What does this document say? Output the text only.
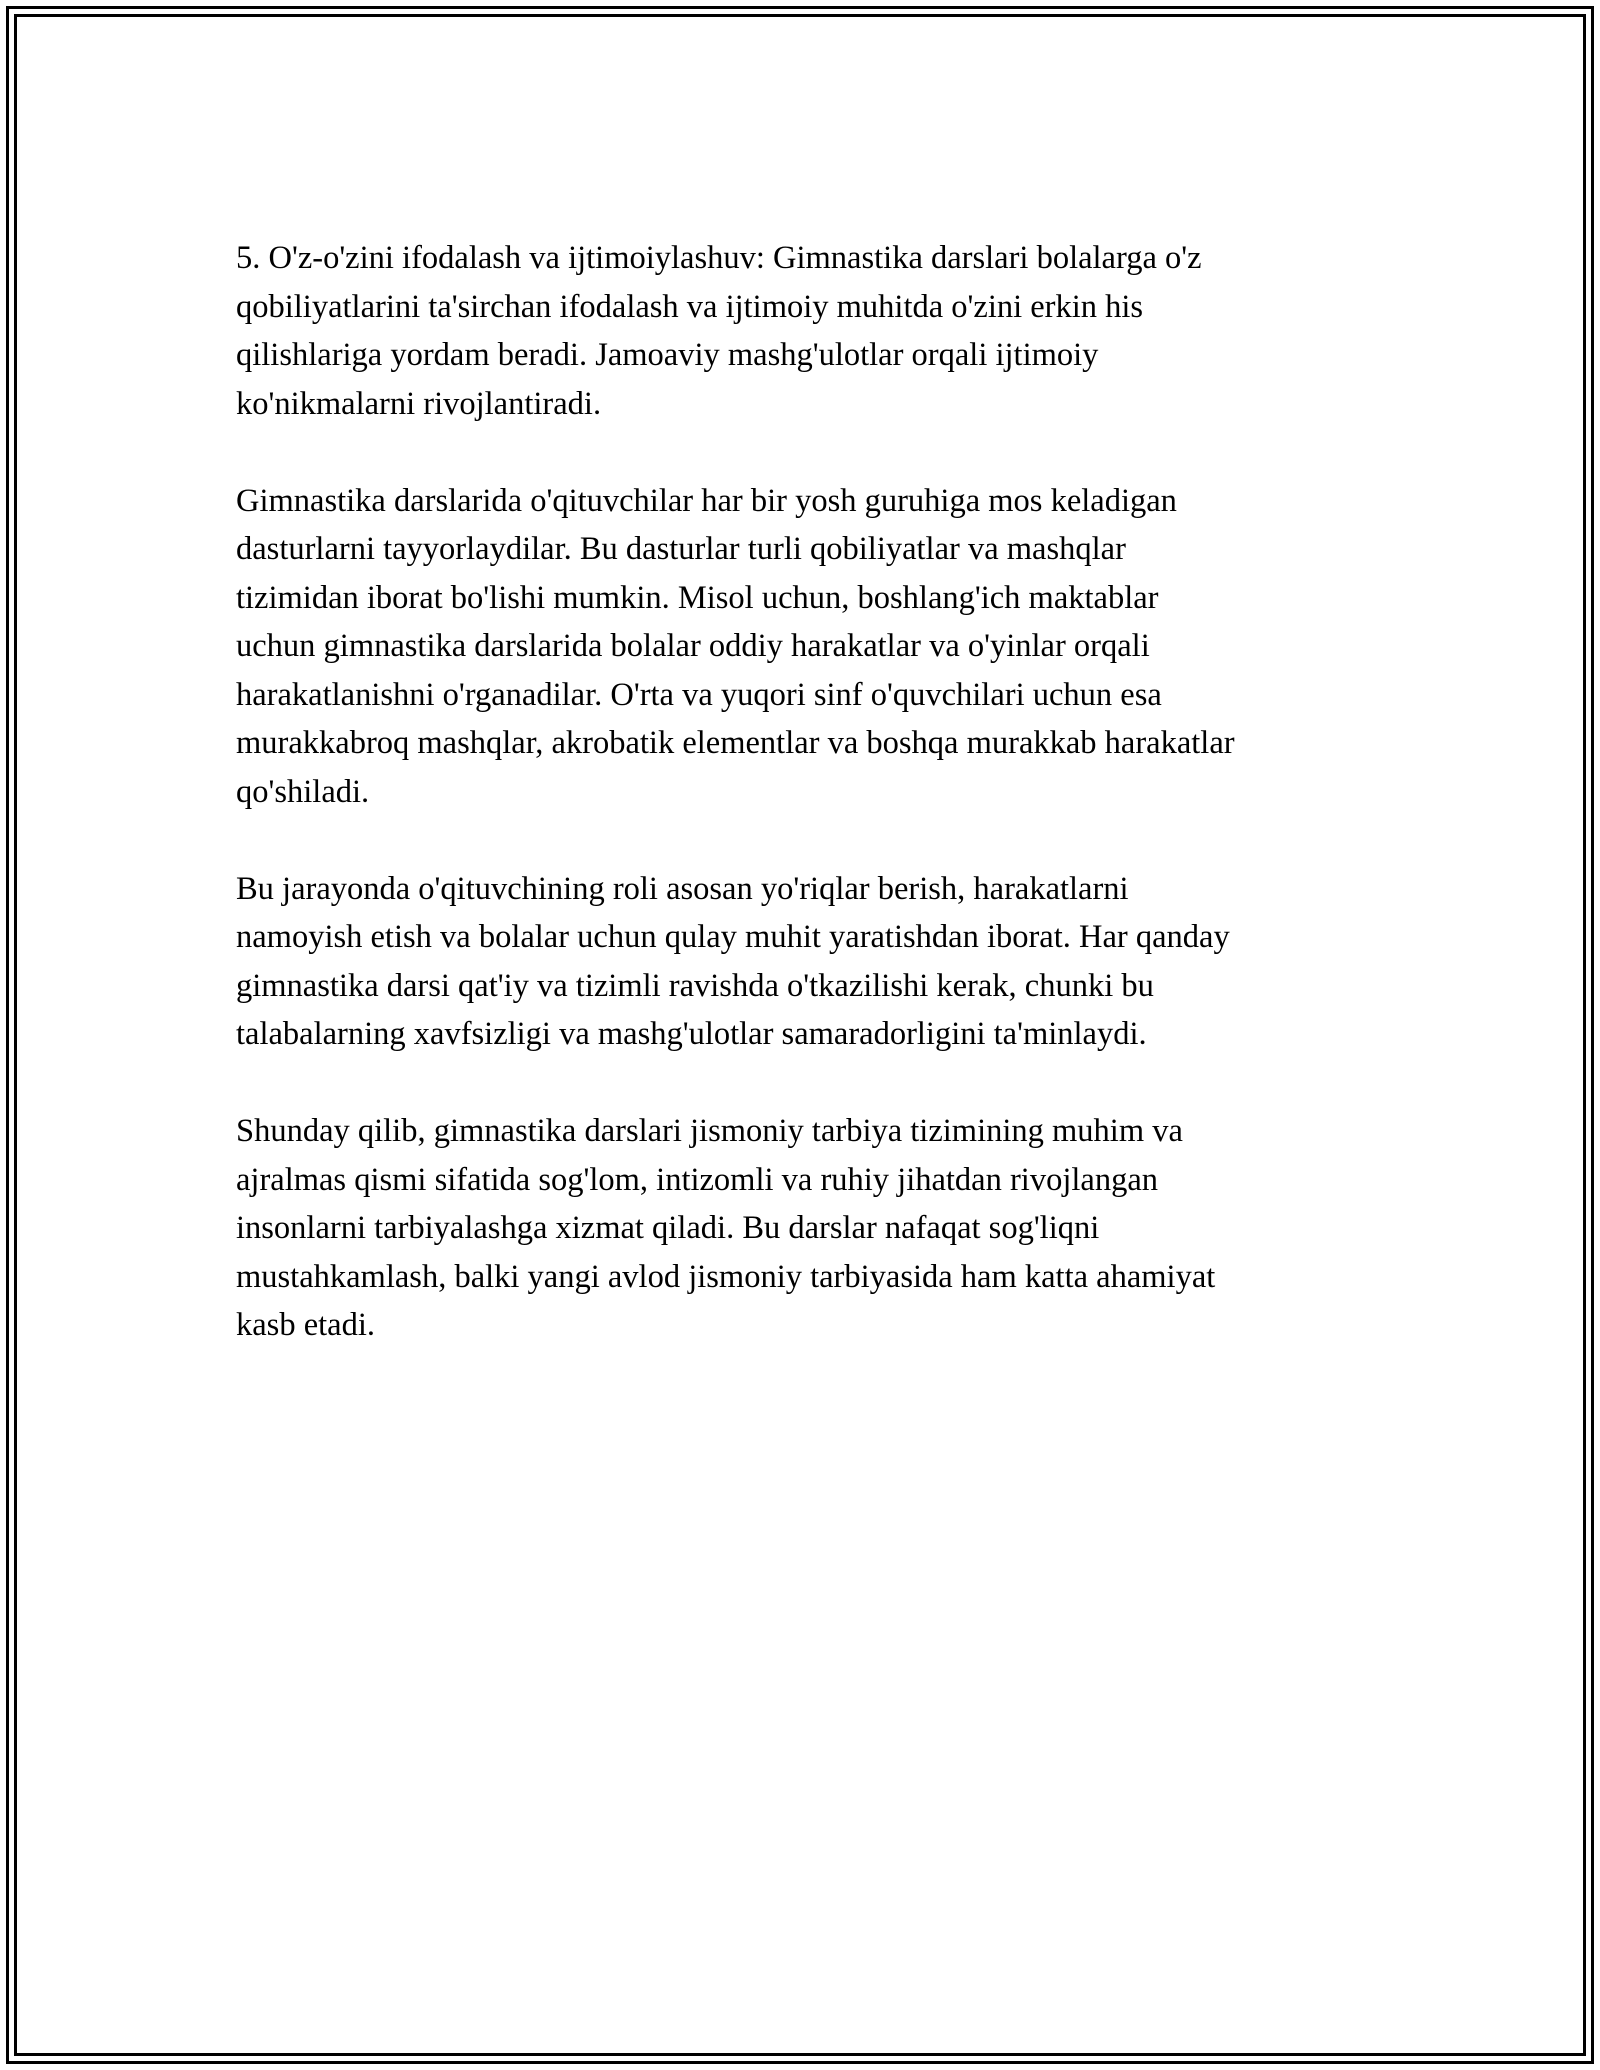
5. O'z-o'zini ifodalash va ijtimoiylashuv: Gimnastika darslari bolalarga o'z
qobiliyatlarini ta'sirchan ifodalash va ijtimoiy muhitda o'zini erkin his
qilishlariga yordam beradi. Jamoaviy mashg'ulotlar orqali ijtimoiy
ko'nikmalarni rivojlantiradi.

Gimnastika darslarida o'qituvchilar har bir yosh guruhiga mos keladigan
dasturlarni tayyorlaydilar. Bu dasturlar turli qobiliyatlar va mashqlar
tizimidan iborat bo'lishi mumkin. Misol uchun, boshlang'ich maktablar
uchun gimnastika darslarida bolalar oddiy harakatlar va o'yinlar orqali
harakatlanishni o'rganadilar. O'rta va yuqori sinf o'quvchilari uchun esa
murakkabroq mashqlar, akrobatik elementlar va boshqa murakkab harakatlar
qo'shiladi.

Bu jarayonda o'qituvchining roli asosan yo'riqlar berish, harakatlarni
namoyish etish va bolalar uchun qulay muhit yaratishdan iborat. Har qanday
gimnastika darsi qat'iy va tizimli ravishda o'tkazilishi kerak, chunki bu
talabalarning xavfsizligi va mashg'ulotlar samaradorligini ta'minlaydi.

Shunday qilib, gimnastika darslari jismoniy tarbiya tizimining muhim va
ajralmas qismi sifatida sog'lom, intizomli va ruhiy jihatdan rivojlangan
insonlarni tarbiyalashga xizmat qiladi. Bu darslar nafaqat sog'liqni
mustahkamlash, balki yangi avlod jismoniy tarbiyasida ham katta ahamiyat
kasb etadi.
